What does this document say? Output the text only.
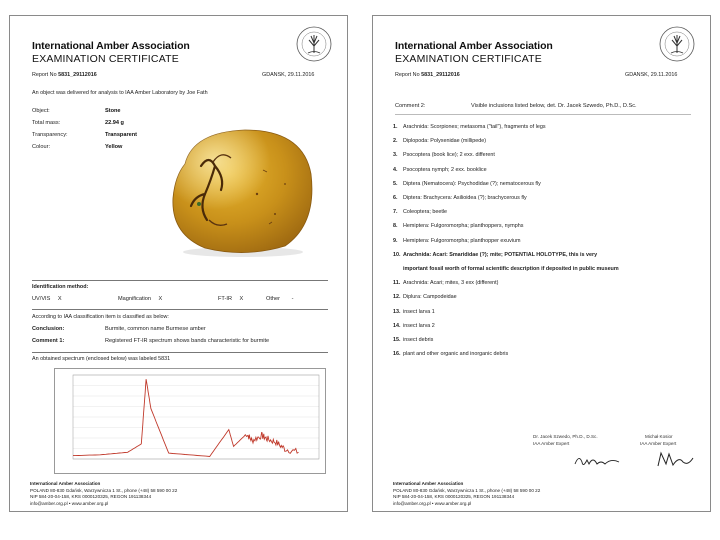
International Amber Association
EXAMINATION CERTIFICATE
Report No 5831_29112016	GDANSK, 29.11.2016
An object was delivered for analysis to IAA Amber Laboratory by Joe Fath
Object:	Stone
Total mass:	22.94 g
Transparency:	Transparent
Colour:	Yellow
Identification method:
UV/VIS X	Magnification X	FT-IR X	Other -
According to IAA classification item is classified as below:
Conclusion:	Burmite, common name Burmese amber
Comment 1:	Registered FT-IR spectrum shows bands characteristic for burmite
An obtained spectrum (enclosed below) was labeled 5831
International Amber Association
POLAND 80-830 Gdańsk, Warzywnicza 1 St., phone (+48) 58 590 00 22
NIP 584-20-04-158, KRS 0000120325, REGON 191138344
info@amber.org.pl • www.amber.org.pl
International Amber Association
EXAMINATION CERTIFICATE
Report No 5831_29112016	GDANSK, 29.11.2016
Comment 2:	Visible inclusions listed below, det. Dr. Jacek Szwedo, Ph.D., D.Sc.
1. Arachnida: Scorpiones; metasoma ("tail"), fragments of legs
2. Diplopoda: Polyxenidae (millipede)
3. Psocoptera (book lice); 2 exx. different
4. Psocoptera nymph; 2 exx. booklice
5. Diptera (Nematocera): Psychodidae (?); nematocerous fly
6. Diptera: Brachycera: Asilioidea (?); brachycerous fly
7. Coleoptera; beetle
8. Hemiptera: Fulgoromorpha; planthoppers, nymphs
9. Hemiptera: Fulgoromorpha; planthopper exuvium
10. Arachnida: Acari: Smarididae (?); mite; POTENTIAL HOLOTYPE, this is very
important fossil worth of formal scientific description if deposited in public museum
11. Arachnida: Acari; mites, 3 exx (different)
12. Diplura: Campodeidae
13. insect larva 1
14. insect larva 2
15. insect debris
16. plant and other organic and inorganic debris
Dr. Jacek Szwedo, Ph.D., D.Sc.
IAA Amber Expert
Michał Kosior
IAA Amber Expert
International Amber Association
POLAND 80-830 Gdańsk, Warzywnicza 1 St., phone (+48) 58 590 00 22
NIP 584-20-04-158, KRS 0000120325, REGON 191138344
info@amber.org.pl • www.amber.org.pl
